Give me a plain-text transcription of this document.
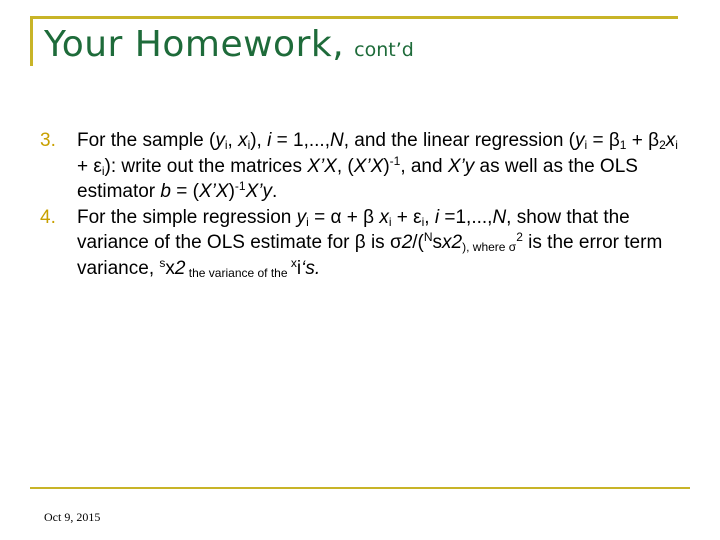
Your Homework, cont’d
3. For the sample ($y_i$, $x_i$), i = 1,...,N, and the linear regression $(y_i = \beta_1 + \beta_2x_i + \varepsilon_i)$: write out the matrices X’X, (X’X)$^{-1}$, and X’y as well as the OLS estimator b = (X’X)$^{-1}$X’y.
4. For the simple regression $y_i = \alpha + \beta$ $x_i + \varepsilon_i$, i =1,...,N, show that the variance of the OLS estimate for β is $\sigma 2/(^Nsx2_{), where \sigma}^2$ is the error term variance, $^s$x2 $_{the variance of the}$ $^x$i‘s.
Oct 9, 2015
